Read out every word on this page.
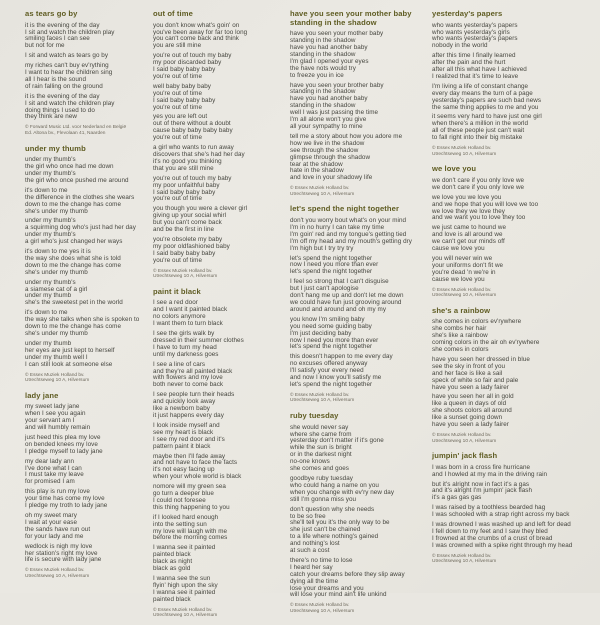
as tears go by
it is the evening of the day
I sit and watch the children play
smiling faces I can see
but not for me
I sit and watch as tears go by
my riches can't buy ev'rything
I want to hear the children sing
all I hear is the sound
of rain falling on the ground
it is the evening of the day
I sit and watch the children play
doing things I used to do
they think are new
© Forward Music Ltd. voor Nederland en België
Ed. Altona bv., Flevolaan 41, Naarden
under my thumb
under my thumb's
the girl who once had me down
under my thumb's
the girl who once pushed me around
it's down to me
the difference in the clothes she wears
down to me the change has come
she's under my thumb
under my thumb's
a squirming dog who's just had her day
under my thumb's
a girl who's just changed her ways
it's down to me yes it is
the way she does what she is told
down to me the change has come
she's under my thumb
under my thumb's
a siamese cat of a girl
under my thumb
she's the sweetest pet in the world
it's down to me
the way she talks when she is spoken to
down to me the change has come
she's under my thumb
under my thumb
her eyes are just kept to herself
under my thumb well I
I can still look at someone else
© Essex Muziek Holland bv.
Utrechtseweg 10 A, Hilversum
lady jane
my sweet lady jane
when I see you again
your servant am I
and will humbly remain
just heed this plea my love
on bended knees my love
I pledge myself to lady jane
my dear lady ann
I've done what I can
I must take my leave
for promised I am
this play is run my love
your time has come my love
I pledge my troth to lady jane
oh my sweet mary
I wait at your ease
the sands have run out
for your lady and me
wedlock is nigh my love
her station's right my love
life is secure with lady jane
© Essex Muziek Holland bv.
Utrechtseweg 10 A, Hilversum
out of time
you don't know what's goin' on
you've been away for far too long
you can't come back and think
you are still mine
you're out of touch my baby
my poor discarded baby
I said baby baby baby
you're out of time
well baby baby baby
you're out of time
I said baby baby baby
you're out of time
yes you are left out
out of there without a doubt
cause baby baby baby baby
you're out of time
a girl who wants to run away
discovers that she's had her day
it's no good you thinking
that you are still mine
you're out of touch my baby
my poor unfaithful baby
I said baby baby baby
you're out of time
you though you were a clever girl
giving up your social whirl
but you can't come back
and be the first in line
you're obsolete my baby
my poor oldfashioned baby
I said baby baby baby
you're out of time
© Essex Muziek Holland bv.
Utrechtseweg 10 A, Hilversum
paint it black
I see a red door
and I want it painted black
no colors anymore
I want them to turn black
I see the girls walk by
dressed in their summer clothes
I have to turn my head
until my darkness goes
I see a line of cars
and they're all painted black
with flowers and my love
both never to come back
I see people turn their heads
and quickly look away
like a newborn baby
it just happens every day
I look inside myself and
see my heart is black
I see my red door and it's
pattern paint it black
maybe then I'll fade away
and not have to face the facts
it's not easy facing up
when your whole world is black
nomore will my green sea
go turn a deeper blue
I could not foresee
this thing happening to you
if I looked hard enough
into the setting sun
my love will laugh with me
before the morning comes
I wanna see it painted
painted black
black as night
black as gold
I wanna see the sun
flyin' high upon the sky
I wanna see it painted
painted black
© Essex Muziek Holland bv.
Utrechtseweg 10 A, Hilversum
have you seen your mother baby
standing in the shadow
have you seen your mother baby
standing in the shadow
have you had another baby
standing in the shadow
I'm glad I opened your eyes
the have nots would try
to freeze you in ice
have you seen your brother baby
standing in the shadow
have you had another baby
standing in the shadow
well I was just passing the time
I'm all alone won't you give
all your sympathy to mine
tell me a story about how you adore me
how we live in the shadow
see through the shadow
glimpse through the shadow
tear at the shadow
hate in the shadow
and love in your shadowy life
© Essex Muziek Holland bv.
Utrechtseweg 10 A, Hilversum
let's spend the night together
don't you worry bout what's on your mind
I'm in no hurry I can take my time
I'm goin' red and my tongue's getting tied
I'm off my head and my mouth's getting dry
I'm high but I try try try
let's spend the night together
now I need you more than ever
let's spend the night together
I feel so strong that I can't disguise
but I just can't apologise
don't hang me up and don't let me down
we could have fun just grooving around
around and around and oh my my
you know I'm smiling baby
you need some guiding baby
I'm just deciding baby
now I need you more than ever
let's spend the night together
this doesn't happen to me every day
no excuses offered anyway
I'll satisfy your every need
and now I know you'll satisfy me
let's spend the night together
© Essex Muziek Holland bv.
Utrechtseweg 10 A, Hilversum
ruby tuesday
she would never say
where she came from
yesterday don't matter if it's gone
while the sun is bright
or in the darkest night
no-one knows
she comes and goes
goodbye ruby tuesday
who could hang a name on you
when you change with ev'ry new day
still I'm gonna miss you
don't question why she needs
to be so free
she'll tell you it's the only way to be
she just can't be chained
to a life where nothing's gained
and nothing's lost
at such a cost
there's no time to lose
I heard her say
catch your dreams before they slip away
dying all the time
lose your dreams and you
will lose your mind ain't life unkind
© Essex Muziek Holland bv.
Utrechtseweg 10 A, Hilversum
yesterday's papers
who wants yesterday's papers
who wants yesterday's girls
who wants yesterday's papers
nobody in the world
after this time I finally learned
after the pain and the hurt
after all this what have I achieved
I realized that it's time to leave
I'm living a life of constant change
every day means the turn of a page
yesterday's papers are such bad news
the same thing applies to me and you
it seems very hard to have just one girl
when there's a million in the world
all of these people just can't wait
to fall right into their big mistake
© Essex Muziek Holland bv.
Utrechtseweg 10 A, Hilversum
we love you
we don't care if you only love we
we don't care if you only love we
we love you we love you
and we hope that you will love we too
we love they we love they
and we want you to love they too
we just came to hound we
and love is all around we
we can't get our minds off
cause we love you
you will never win we
your uniforms don't fit we
you're dead 'n we're in
cause we love you
© Essex Muziek Holland bv.
Utrechtseweg 10 A, Hilversum
she's a rainbow
she comes in colors ev'rywhere
she combs her hair
she's like a rainbow
coming colors in the air oh ev'rywhere
she comes in colors
have you seen her dressed in blue
see the sky in front of you
and her face is like a sail
speck of white so fair and pale
have you seen a lady fairer
have you seen her all in gold
like a queen in days of old
she shoots colors all around
like a sunset going down
have you seen a lady fairer
© Essex Muziek Holland bv.
Utrechtseweg 10 A, Hilversum
jumpin' jack flash
I was born in a cross fire hurricane
and I howled at my ma in the driving rain
but it's alright now in fact it's a gas
and it's alright I'm jumpin' jack flash
it's a gas gas gas
I was raised by a toothless bearded hag
I was schooled with a strap right across my back
I was drowned I was washed up and left for dead
I fell down to my feet and I saw they bled
I frowned at the crumbs of a crust of bread
I was crowned with a spike right through my head
© Essex Muziek Holland bv.
Utrechtseweg 10 A, Hilversum
